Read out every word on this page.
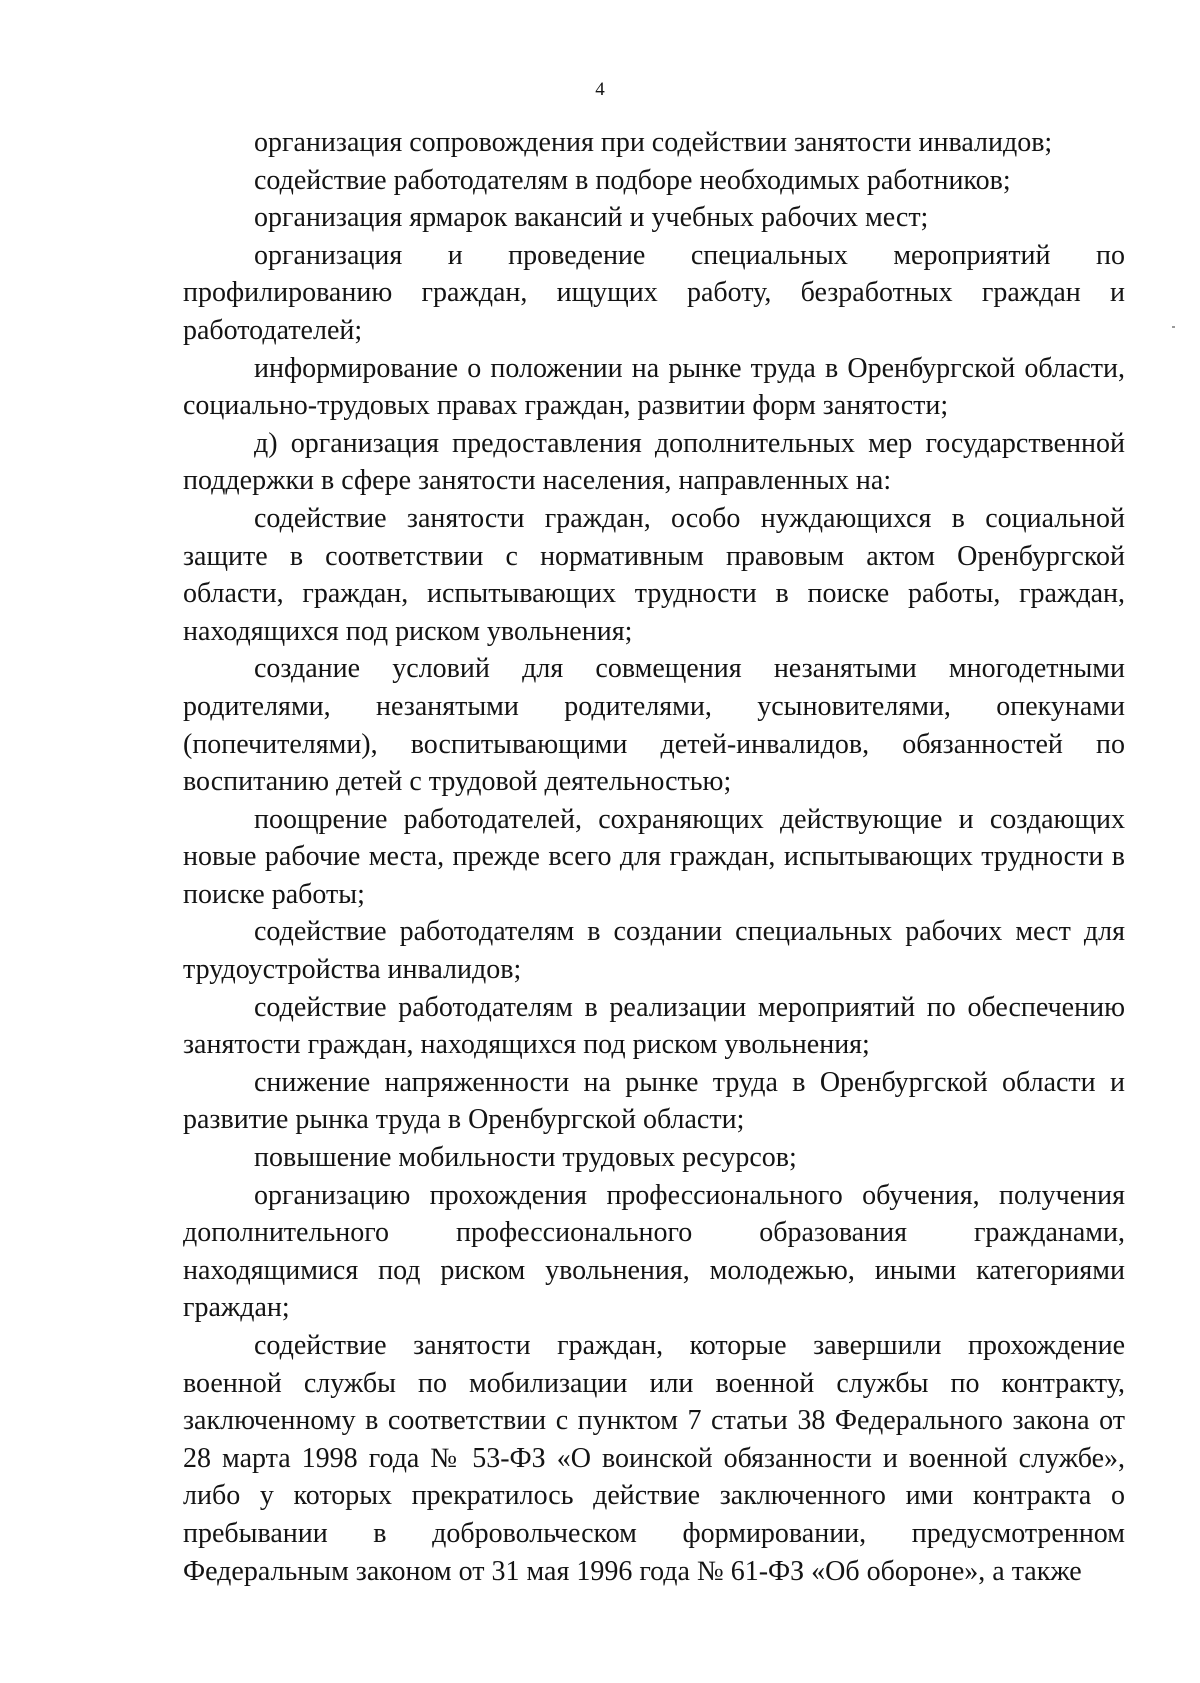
4

организация сопровождения при содействии занятости инвалидов;

содействие работодателям в подборе необходимых работников;

организация ярмарок вакансий и учебных рабочих мест;

организация и проведение специальных мероприятий по профилированию граждан, ищущих работу, безработных граждан и работодателей;

информирование о положении на рынке труда в Оренбургской области, социально-трудовых правах граждан, развитии форм занятости;

д) организация предоставления дополнительных мер государственной поддержки в сфере занятости населения, направленных на:

содействие занятости граждан, особо нуждающихся в социальной защите в соответствии с нормативным правовым актом Оренбургской области, граждан, испытывающих трудности в поиске работы, граждан, находящихся под риском увольнения;

создание условий для совмещения незанятыми многодетными родителями, незанятыми родителями, усыновителями, опекунами (попечителями), воспитывающими детей-инвалидов, обязанностей по воспитанию детей с трудовой деятельностью;

поощрение работодателей, сохраняющих действующие и создающих новые рабочие места, прежде всего для граждан, испытывающих трудности в поиске работы;

содействие работодателям в создании специальных рабочих мест для трудоустройства инвалидов;

содействие работодателям в реализации мероприятий по обеспечению занятости граждан, находящихся под риском увольнения;

снижение напряженности на рынке труда в Оренбургской области и развитие рынка труда в Оренбургской области;

повышение мобильности трудовых ресурсов;

организацию прохождения профессионального обучения, получения дополнительного профессионального образования гражданами, находящимися под риском увольнения, молодежью, иными категориями граждан;

содействие занятости граждан, которые завершили прохождение военной службы по мобилизации или военной службы по контракту, заключенному в соответствии с пунктом 7 статьи 38 Федерального закона от 28 марта 1998 года № 53-ФЗ «О воинской обязанности и военной службе», либо у которых прекратилось действие заключенного ими контракта о пребывании в добровольческом формировании, предусмотренном Федеральным законом от 31 мая 1996 года № 61-ФЗ «Об обороне», а также
